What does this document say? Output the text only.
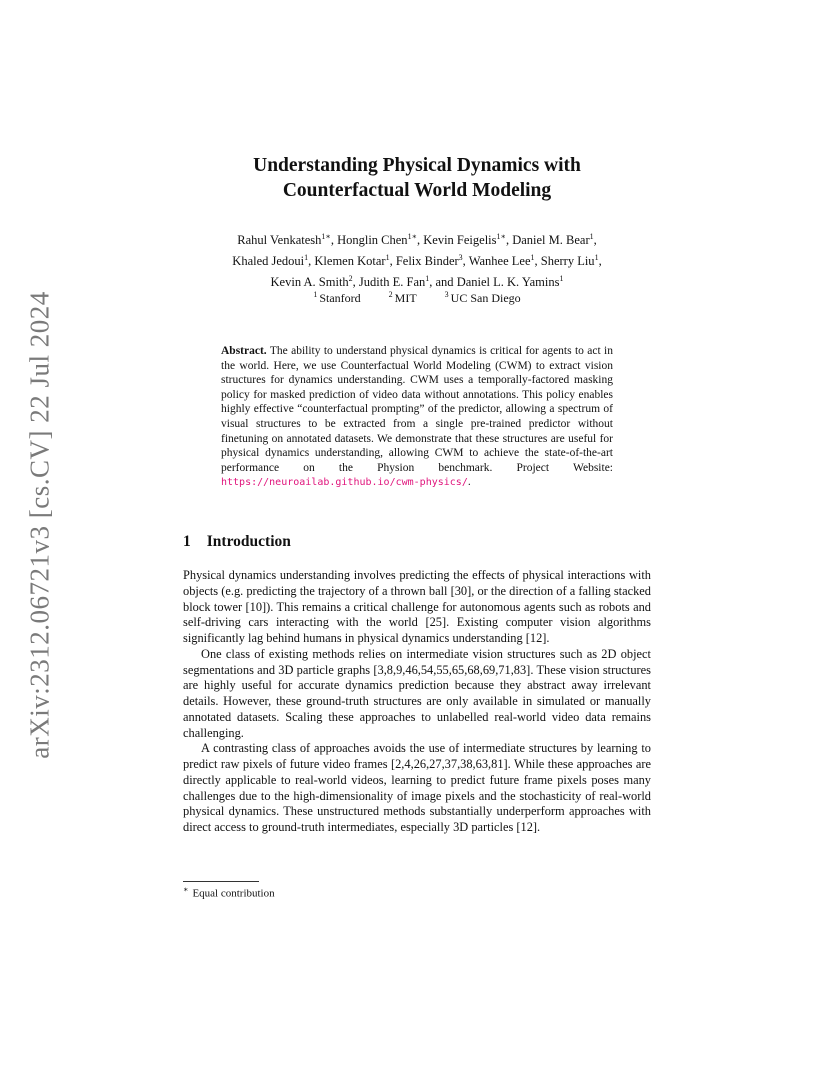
arXiv:2312.06721v3 [cs.CV] 22 Jul 2024
Understanding Physical Dynamics with
Counterfactual World Modeling
Rahul Venkatesh$^{1∗}$, Honglin Chen$^{1∗}$, Kevin Feigelis$^{1∗}$, Daniel M. Bear$^1$,
Khaled Jedoui$^1$, Klemen Kotar$^1$, Felix Binder$^3$, Wanhee Lee$^1$, Sherry Liu$^1$,
Kevin A. Smith$^2$, Judith E. Fan$^1$, and Daniel L. K. Yamins$^1$
$^1$ Stanford	$^2$ MIT	$^3$ UC San Diego
Abstract. The ability to understand physical dynamics is critical for agents to act in the world. Here, we use Counterfactual World Modeling (CWM) to extract vision structures for dynamics understanding. CWM uses a temporally-factored masking policy for masked prediction of video data without annotations. This policy enables highly effective “counterfactual prompting” of the predictor, allowing a spectrum of visual structures to be extracted from a single pre-trained predictor without finetuning on annotated datasets. We demonstrate that these structures are useful for physical dynamics understanding, allowing CWM to achieve the state-of-the-art performance on the Physion benchmark. Project Website: https://neuroailab.github.io/cwm-physics/.
1 Introduction

Physical dynamics understanding involves predicting the effects of physical interactions with objects (e.g. predicting the trajectory of a thrown ball [30], or the direction of a falling stacked block tower [10]). This remains a critical challenge for autonomous agents such as robots and self-driving cars interacting with the world [25]. Existing computer vision algorithms significantly lag behind humans in physical dynamics understanding [12].

One class of existing methods relies on intermediate vision structures such as 2D object segmentations and 3D particle graphs [3,8,9,46,54,55,65,68,69,71,83]. These vision structures are highly useful for accurate dynamics prediction because they abstract away irrelevant details. However, these ground-truth structures are only available in simulated or manually annotated datasets. Scaling these approaches to unlabelled real-world video data remains challenging.

A contrasting class of approaches avoids the use of intermediate structures by learning to predict raw pixels of future video frames [2,4,26,27,37,38,63,81]. While these approaches are directly applicable to real-world videos, learning to predict future frame pixels poses many challenges due to the high-dimensionality of image pixels and the stochasticity of real-world physical dynamics. These unstructured methods substantially underperform approaches with direct access to ground-truth intermediates, especially 3D particles [12].

∗ Equal contribution
